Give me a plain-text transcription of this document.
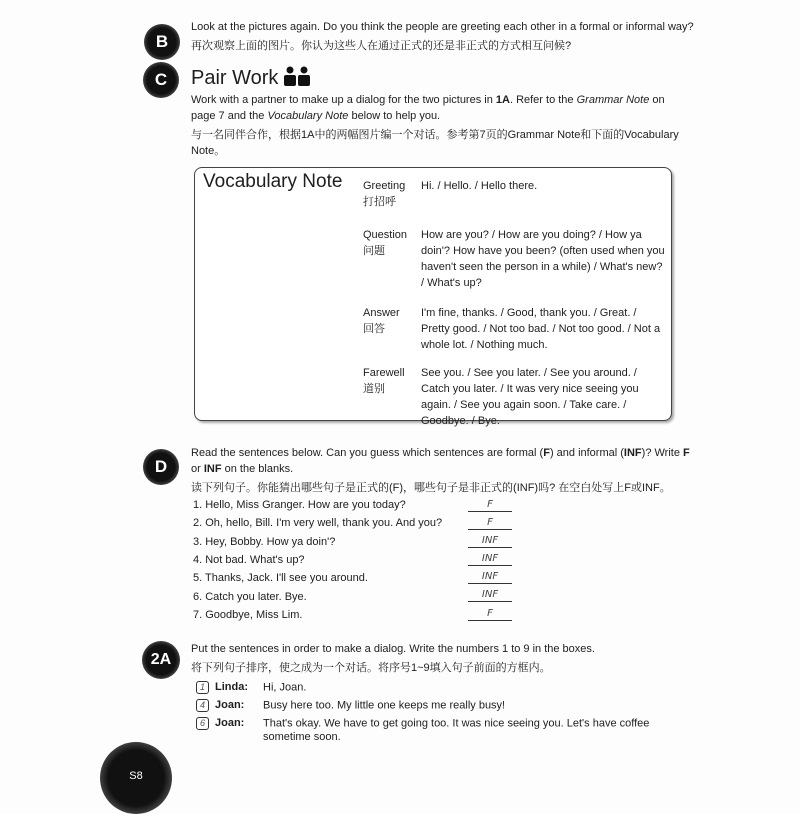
B
Look at the pictures again. Do you think the people are greeting each other in a formal or informal way?
再次观察上面的图片。你认为这些人在通过正式的还是非正式的方式相互问候?
C	Pair Work
Work with a partner to make up a dialog for the two pictures in 1A. Refer to the Grammar Note on
page 7 and the Vocabulary Note below to help you.
与一名同伴合作，根据1A中的两幅图片编一个对话。参考第7页的Grammar Note和下面的Vocabulary
Note。
Vocabulary Note Greeting
打招呼
Hi. / Hello. / Hello there.
Question
问题
How are you? / How are you doing? / How ya doin'? How have you been? (often used when you haven't seen the person in a while) / What's new? / What's up?
Answer
回答
I'm fine, thanks. / Good, thank you. / Great. / Pretty good. / Not too bad. / Not too good. / Not a whole lot. / Nothing much.
Farewell
道别
See you. / See you later. / See you around. / Catch you later. / It was very nice seeing you again. / See you again soon. / Take care. / Goodbye. / Bye.
D
Read the sentences below. Can you guess which sentences are formal (F) and informal (INF)? Write F
or INF on the blanks.
读下列句子。你能猜出哪些句子是正式的(F)，哪些句子是非正式的(INF)吗? 在空白处写上F或INF。
1. Hello, Miss Granger. How are you today?	F
2. Oh, hello, Bill. I'm very well, thank you. And you?	F
3. Hey, Bobby. How ya doin'?	INF
4. Not bad. What's up?	INF
5. Thanks, Jack. I'll see you around.	INF
6. Catch you later. Bye.	INF
7. Goodbye, Miss Lim.	F
2A
Put the sentences in order to make a dialog. Write the numbers 1 to 9 in the boxes.
将下列句子排序，使之成为一个对话。将序号1~9填入句子前面的方框内。
1 Linda: Hi, Joan.
4 Joan: Busy here too. My little one keeps me really busy!
6 Joan: That's okay. We have to get going too. It was nice seeing you. Let's have coffee
sometime soon.
S8
